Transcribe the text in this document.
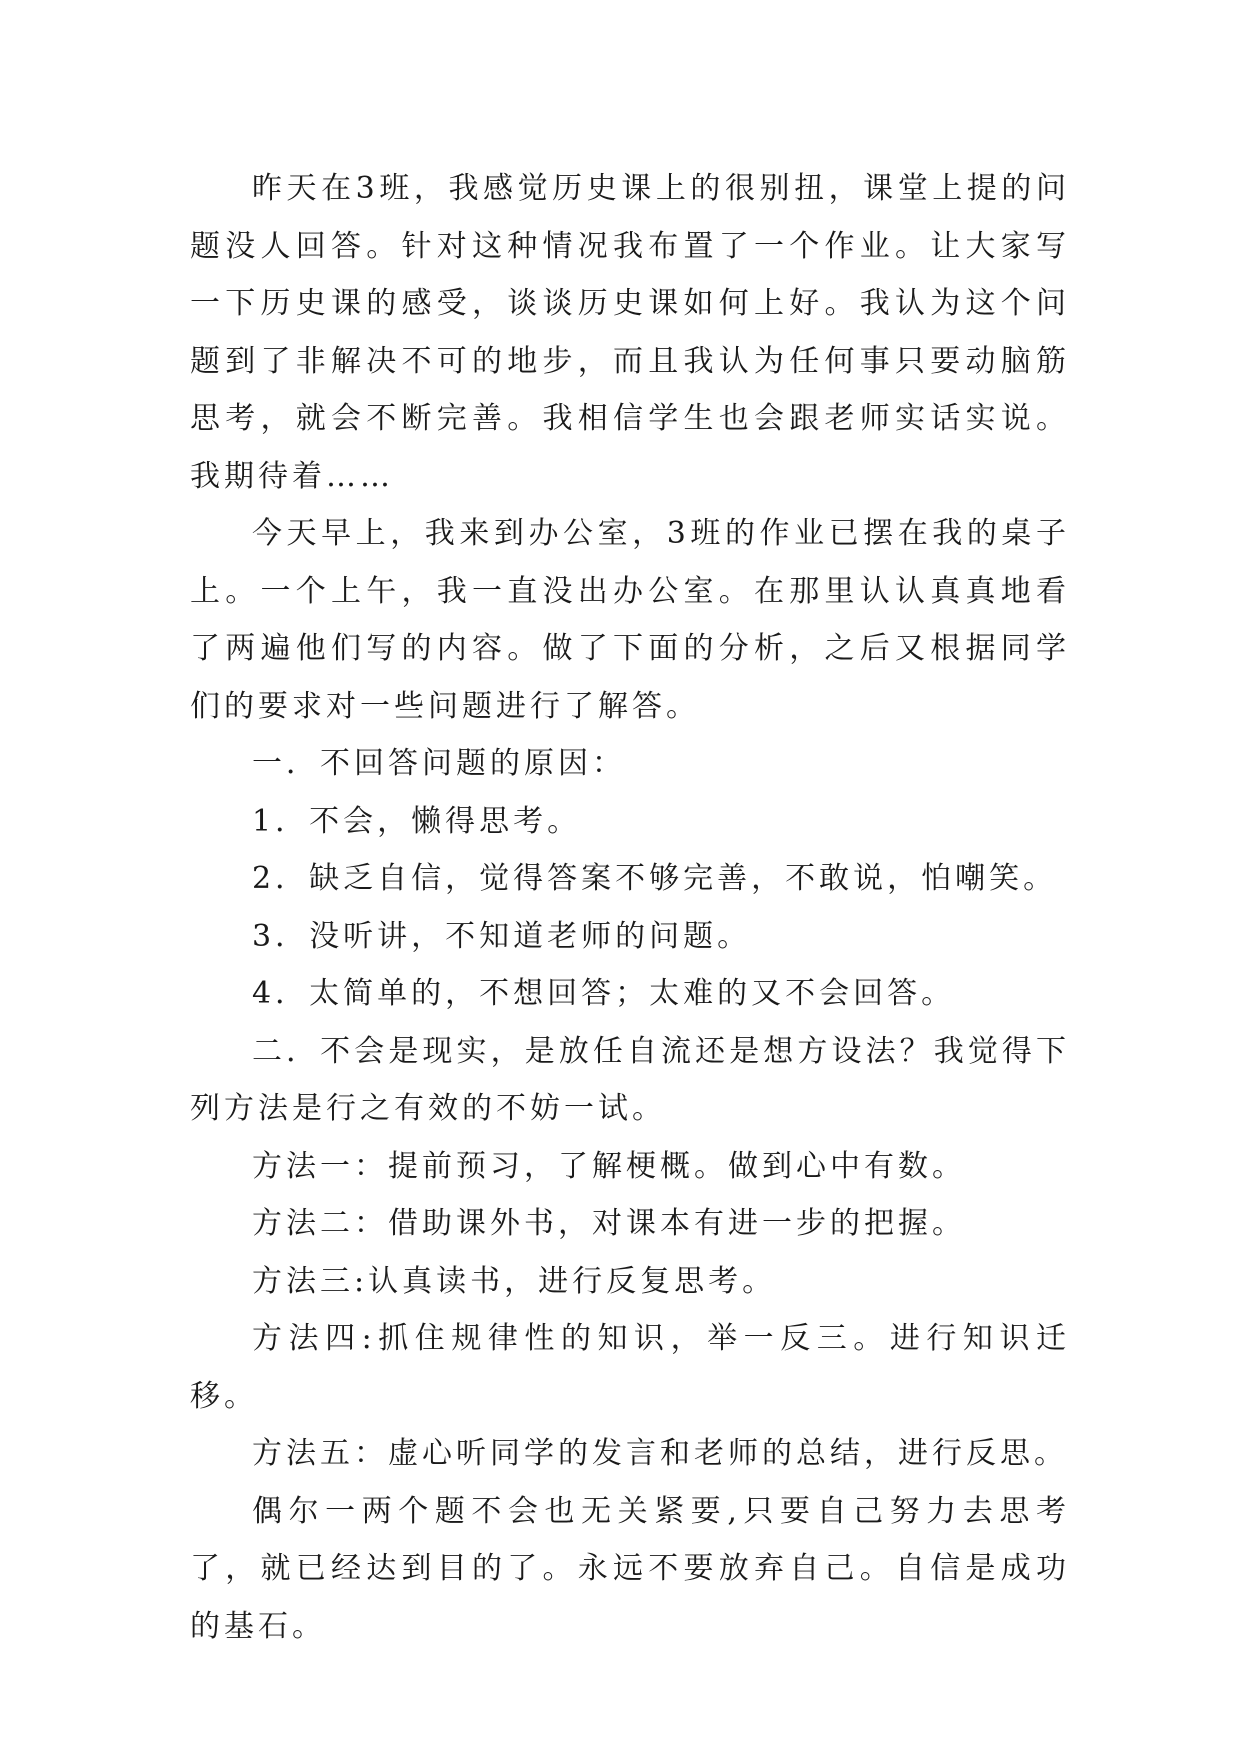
昨天在3班，我感觉历史课上的很别扭，课堂上提的问题没人回答。针对这种情况我布置了一个作业。让大家写一下历史课的感受，谈谈历史课如何上好。我认为这个问题到了非解决不可的地步，而且我认为任何事只要动脑筋思考，就会不断完善。我相信学生也会跟老师实话实说。我期待着……

今天早上，我来到办公室，3班的作业已摆在我的桌子上。一个上午，我一直没出办公室。在那里认认真真地看了两遍他们写的内容。做了下面的分析，之后又根据同学们的要求对一些问题进行了解答。

一．不回答问题的原因：

1．不会，懒得思考。

2．缺乏自信，觉得答案不够完善，不敢说，怕嘲笑。

3．没听讲，不知道老师的问题。

4．太简单的，不想回答；太难的又不会回答。

二．不会是现实，是放任自流还是想方设法？我觉得下列方法是行之有效的不妨一试。

方法一：提前预习，了解梗概。做到心中有数。

方法二：借助课外书，对课本有进一步的把握。

方法三:认真读书，进行反复思考。

方法四:抓住规律性的知识，举一反三。进行知识迁移。

方法五：虚心听同学的发言和老师的总结，进行反思。

偶尔一两个题不会也无关紧要,只要自己努力去思考了，就已经达到目的了。永远不要放弃自己。自信是成功的基石。
